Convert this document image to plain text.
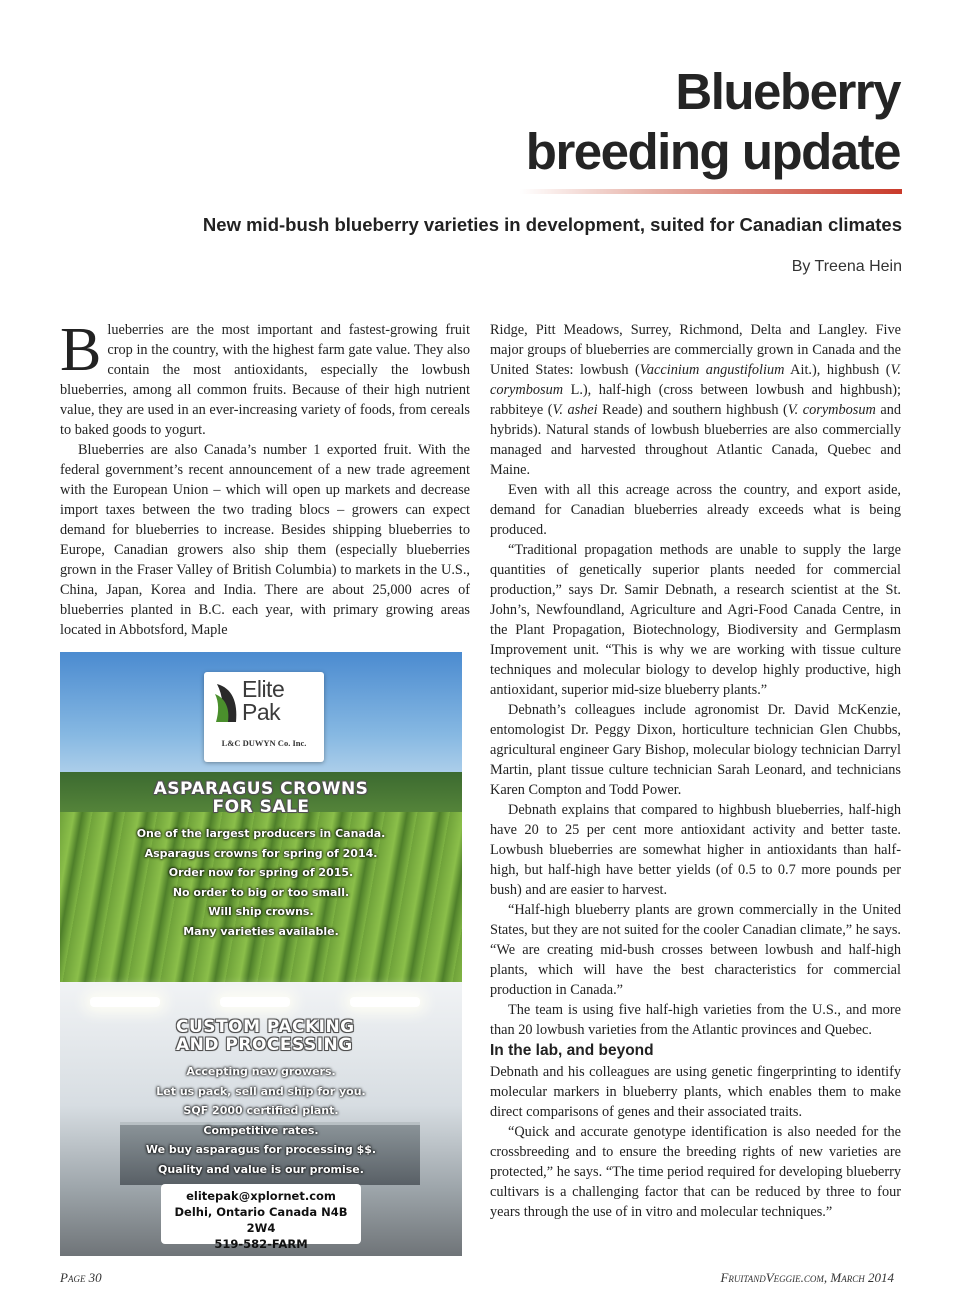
Blueberry
breeding update
New mid-bush blueberry varieties in development, suited for Canadian climates
By Treena Hein

Blueberries are the most important and fastest-growing fruit crop in the country, with the highest farm gate value. They also contain the most antioxidants, especially the lowbush blueberries, among all common fruits. Because of their high nutrient value, they are used in an ever-increasing variety of foods, from cereals to baked goods to yogurt.

Blueberries are also Canada’s number 1 exported fruit. With the federal government’s recent announcement of a new trade agreement with the European Union – which will open up markets and decrease import taxes between the two trading blocs – growers can expect demand for blueberries to increase. Besides shipping blueberries to Europe, Canadian growers also ship them (especially blueberries grown in the Fraser Valley of British Columbia) to markets in the U.S., China, Japan, Korea and India. There are about 25,000 acres of blueberries planted in B.C. each year, with primary growing areas located in Abbotsford, Maple

Elite
Pak
L&C DUWYN Co. Inc.
ASPARAGUS CROWNS
FOR SALE
One of the largest producers in Canada.
Asparagus crowns for spring of 2014.
Order now for spring of 2015.
No order to big or too small.
Will ship crowns.
Many varieties available.
CUSTOM PACKING
AND PROCESSING
Accepting new growers.
Let us pack, sell and ship for you.
SQF 2000 certified plant.
Competitive rates.
We buy asparagus for processing $$.
Quality and value is our promise.
elitepak@xplornet.com
Delhi, Ontario Canada N4B 2W4
519-582-FARM

Ridge, Pitt Meadows, Surrey, Richmond, Delta and Langley. Five major groups of blueberries are commercially grown in Canada and the United States: lowbush (Vaccinium angustifolium Ait.), highbush (V. corymbosum L.), half-high (cross between lowbush and highbush); rabbiteye (V. ashei Reade) and southern highbush (V. corymbosum and hybrids). Natural stands of lowbush blueberries are also commercially managed and harvested throughout Atlantic Canada, Quebec and Maine.

Even with all this acreage across the country, and export aside, demand for Canadian blueberries already exceeds what is being produced.

“Traditional propagation methods are unable to supply the large quantities of genetically superior plants needed for commercial production,” says Dr. Samir Debnath, a research scientist at the St. John’s, Newfoundland, Agriculture and Agri-Food Canada Centre, in the Plant Propagation, Biotechnology, Biodiversity and Germplasm Improvement unit. “This is why we are working with tissue culture techniques and molecular biology to develop highly productive, high antioxidant, superior mid-size blueberry plants.”

Debnath’s colleagues include agronomist Dr. David McKenzie, entomologist Dr. Peggy Dixon, horticulture technician Glen Chubbs, agricultural engineer Gary Bishop, molecular biology technician Darryl Martin, plant tissue culture technician Sarah Leonard, and technicians Karen Compton and Todd Power.

Debnath explains that compared to highbush blueberries, half-high have 20 to 25 per cent more antioxidant activity and better taste. Lowbush blueberries are somewhat higher in antioxidants than half-high, but half-high have better yields (of 0.5 to 0.7 more pounds per bush) and are easier to harvest.

“Half-high blueberry plants are grown commercially in the United States, but they are not suited for the cooler Canadian climate,” he says. “We are creating mid-bush crosses between lowbush and half-high plants, which will have the best characteristics for commercial production in Canada.”

The team is using five half-high varieties from the U.S., and more than 20 lowbush varieties from the Atlantic provinces and Quebec.

In the lab, and beyond

Debnath and his colleagues are using genetic fingerprinting to identify molecular markers in blueberry plants, which enables them to make direct comparisons of genes and their associated traits.

“Quick and accurate genotype identification is also needed for the crossbreeding and to ensure the breeding rights of new varieties are protected,” he says. “The time period required for developing blueberry cultivars is a challenging factor that can be reduced by three to four years through the use of in vitro and molecular techniques.”

Page 30	FruitandVeggie.com, March 2014
